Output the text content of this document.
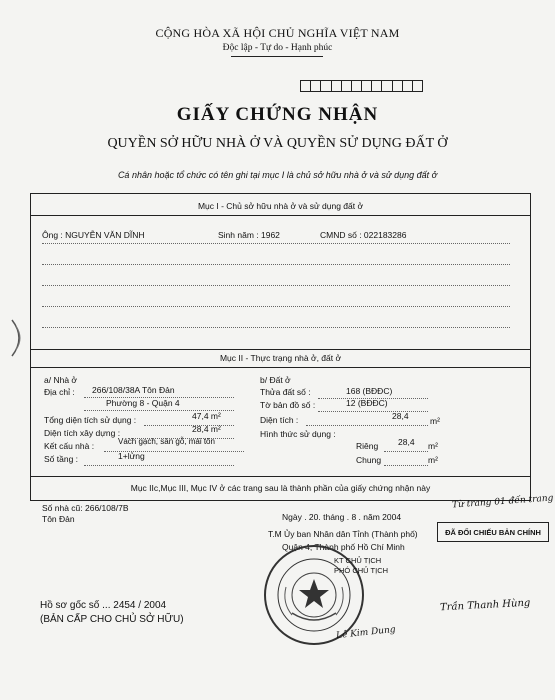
CỘNG HÒA XÃ HỘI CHỦ NGHĨA VIỆT NAM
Độc lập - Tự do - Hạnh phúc
GIẤY CHỨNG NHẬN
QUYỀN SỞ HỮU NHÀ Ở VÀ QUYỀN SỬ DỤNG ĐẤT Ở
Cá nhân hoặc tổ chức có tên ghi tại mục I là chủ sở hữu nhà ở và sử dụng đất ở
Mục I - Chủ sở hữu nhà ở và sử dụng đất ở
Ông : NGUYỄN VĂN DĨNH	Sinh năm : 1962	CMND số : 022183286
Mục II - Thực trạng nhà ở, đất ở
a/ Nhà ở
Địa chỉ : 266/108/38A Tôn Đản
Phường 8 - Quận 4
Tổng diện tích sử dụng :	47,4 m²
Diện tích xây dựng :	28,4 m²
Kết cấu nhà :	Vách gạch, sàn gỗ, mái tôn
Số tầng :	1+lửng
b/ Đất ở
Thửa đất số :	168 (BĐĐC)
Tờ bản đồ số :	12 (BĐĐC)
Diện tích :	28,4	m²
Hình thức sử dụng :
Riêng 28,4 m²
Chung	m²
Mục IIc,Mục III, Mục IV ở các trang sau là thành phần của giấy chứng nhận này
Số nhà cũ: 266/108/7B
Tôn Đản	Ngày . 20. tháng . 8 . năm 2004
Từ trang 01 đến trang
ĐÃ ĐỐI CHIẾU BẢN CHÍNH
T.M Ủy ban Nhân dân Tỉnh (Thành phố)
Quận 4, Thành phố Hồ Chí Minh
KT CHỦ TỊCH
PHÓ CHỦ TỊCH
Trần Thanh Hùng
Lê Kim Dung
Hồ sơ gốc số ... 2454 / 2004
(BẢN CẤP CHO CHỦ SỞ HỮU)
